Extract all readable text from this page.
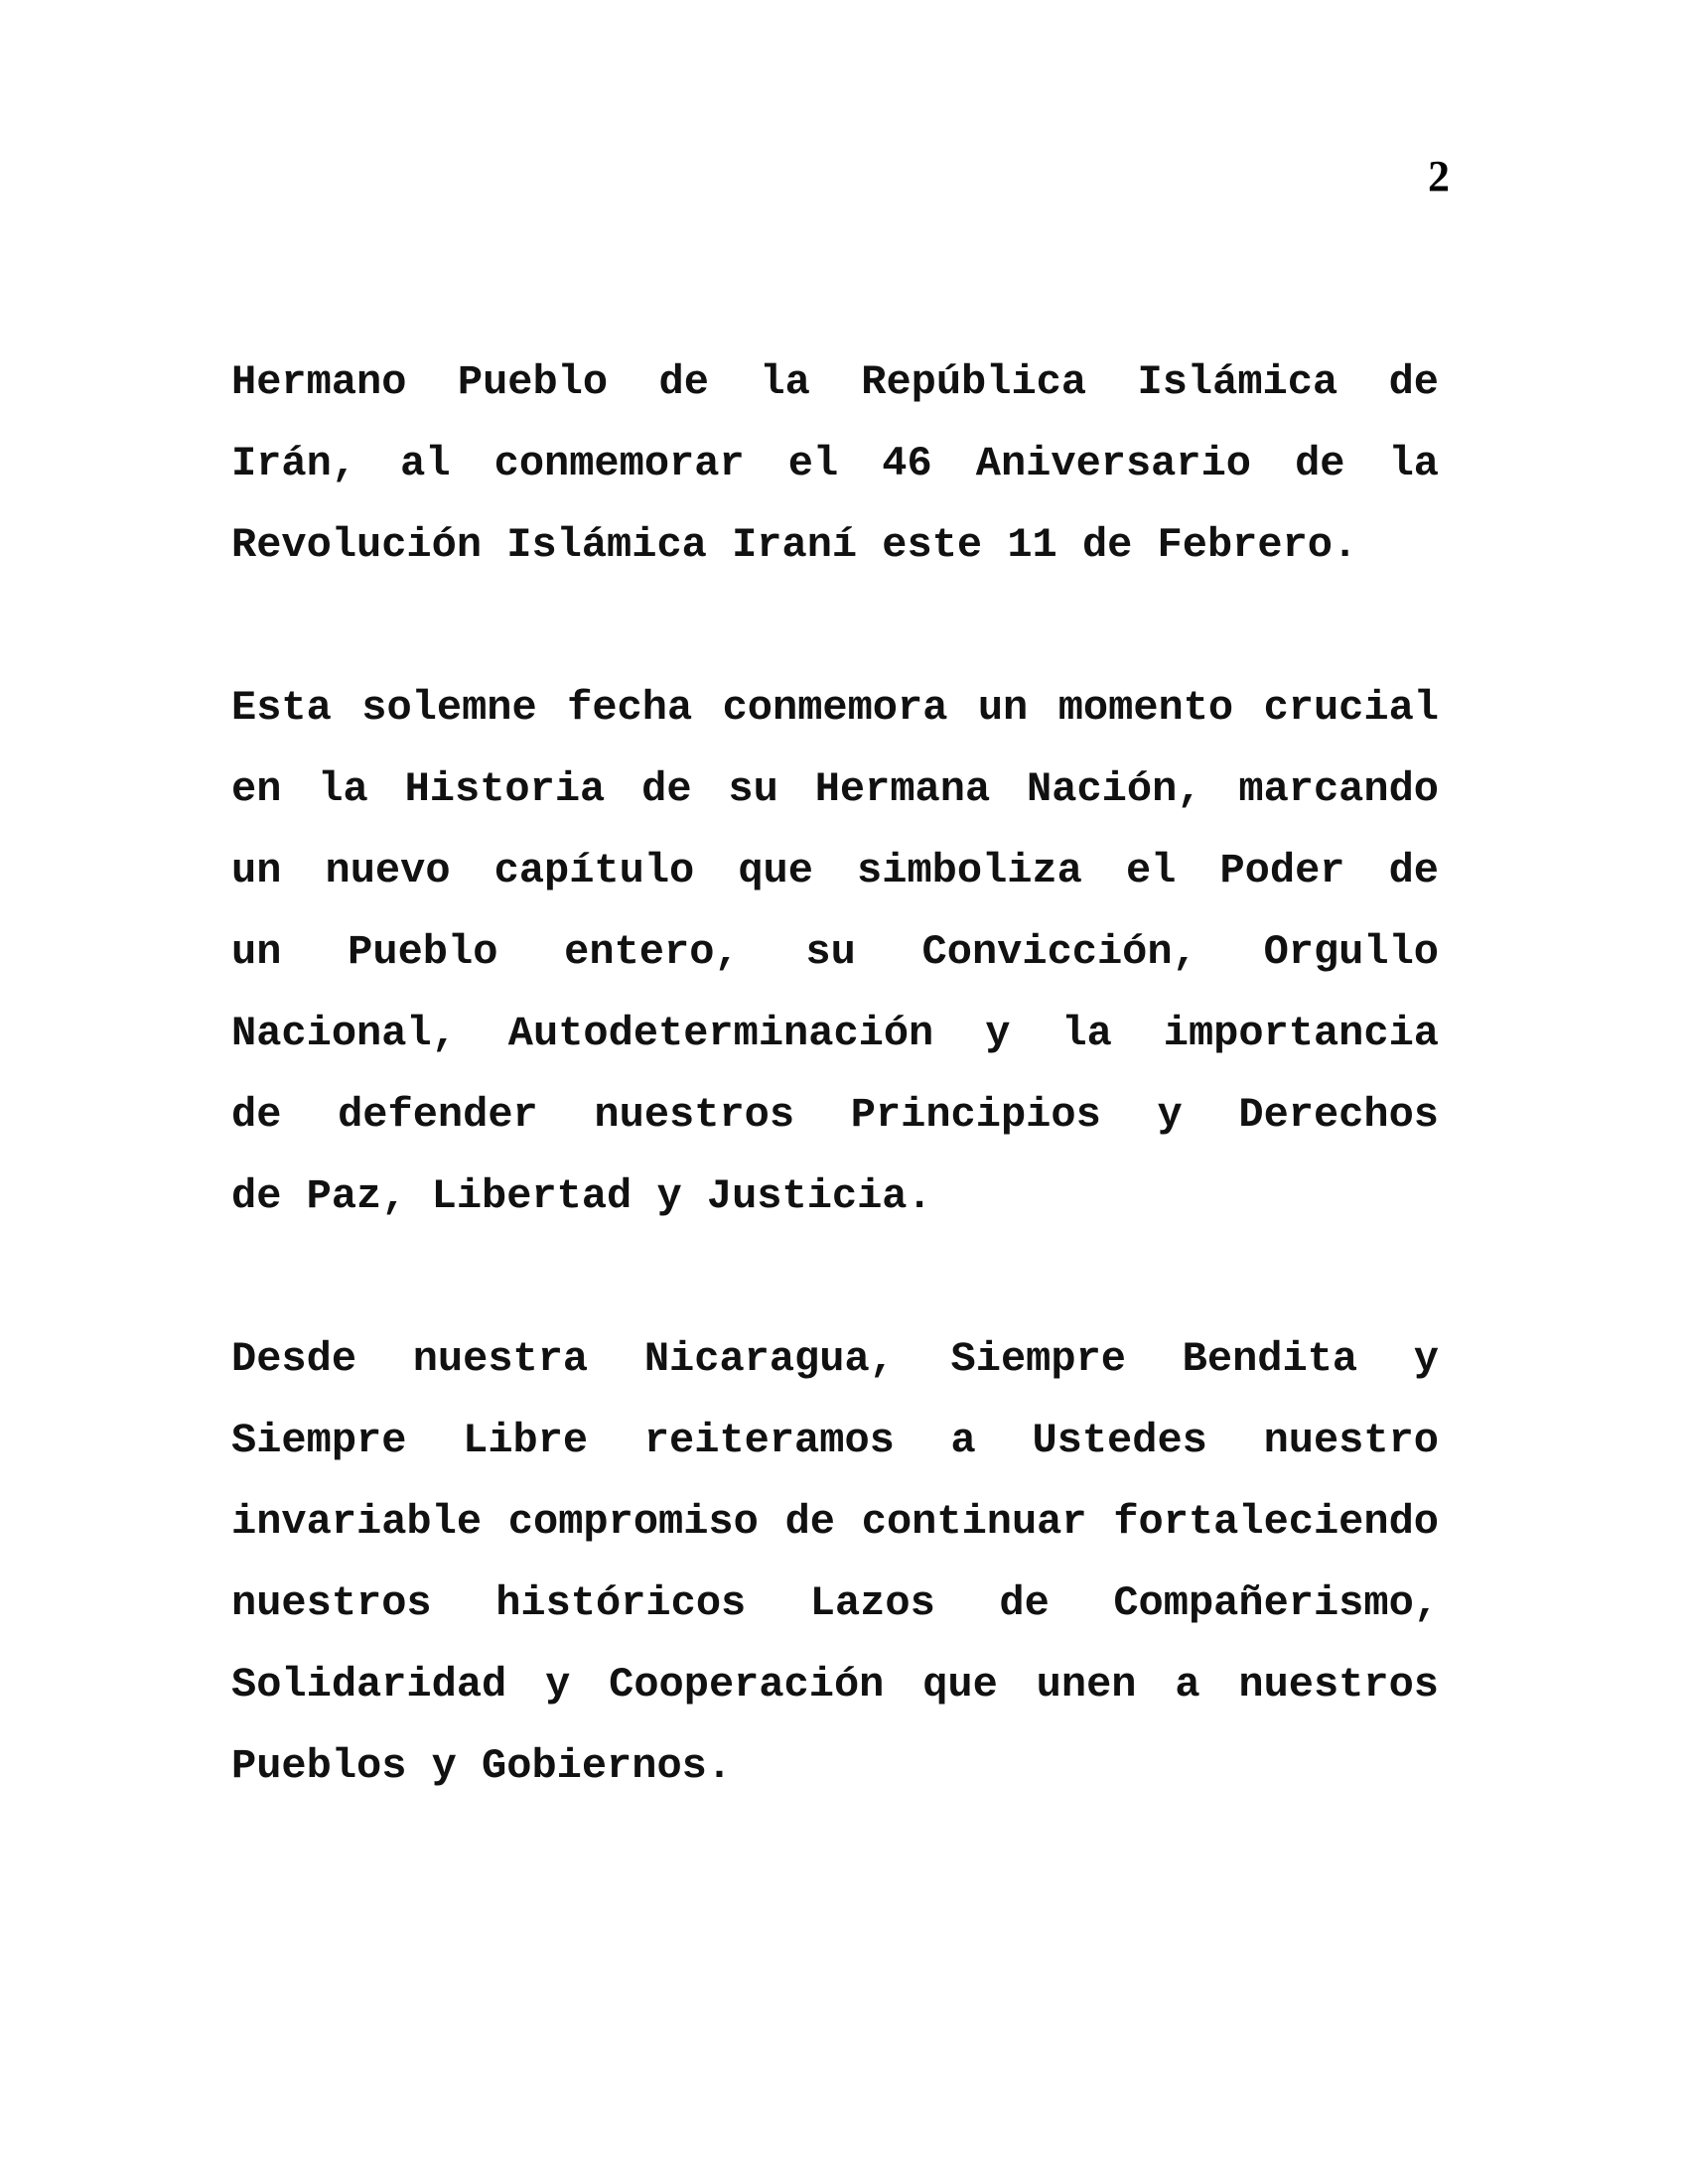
2
Hermano Pueblo de la República Islámica de
Irán, al conmemorar el 46 Aniversario de la
Revolución Islámica Iraní este 11 de Febrero.
Esta solemne fecha conmemora un momento crucial
en la Historia de su Hermana Nación, marcando
un nuevo capítulo que simboliza el Poder de
un Pueblo entero, su Convicción, Orgullo
Nacional, Autodeterminación y la importancia
de defender nuestros Principios y Derechos
de Paz, Libertad y Justicia.
Desde nuestra Nicaragua, Siempre Bendita y
Siempre Libre reiteramos a Ustedes nuestro
invariable compromiso de continuar fortaleciendo
nuestros históricos Lazos de Compañerismo,
Solidaridad y Cooperación que unen a nuestros
Pueblos y Gobiernos.
